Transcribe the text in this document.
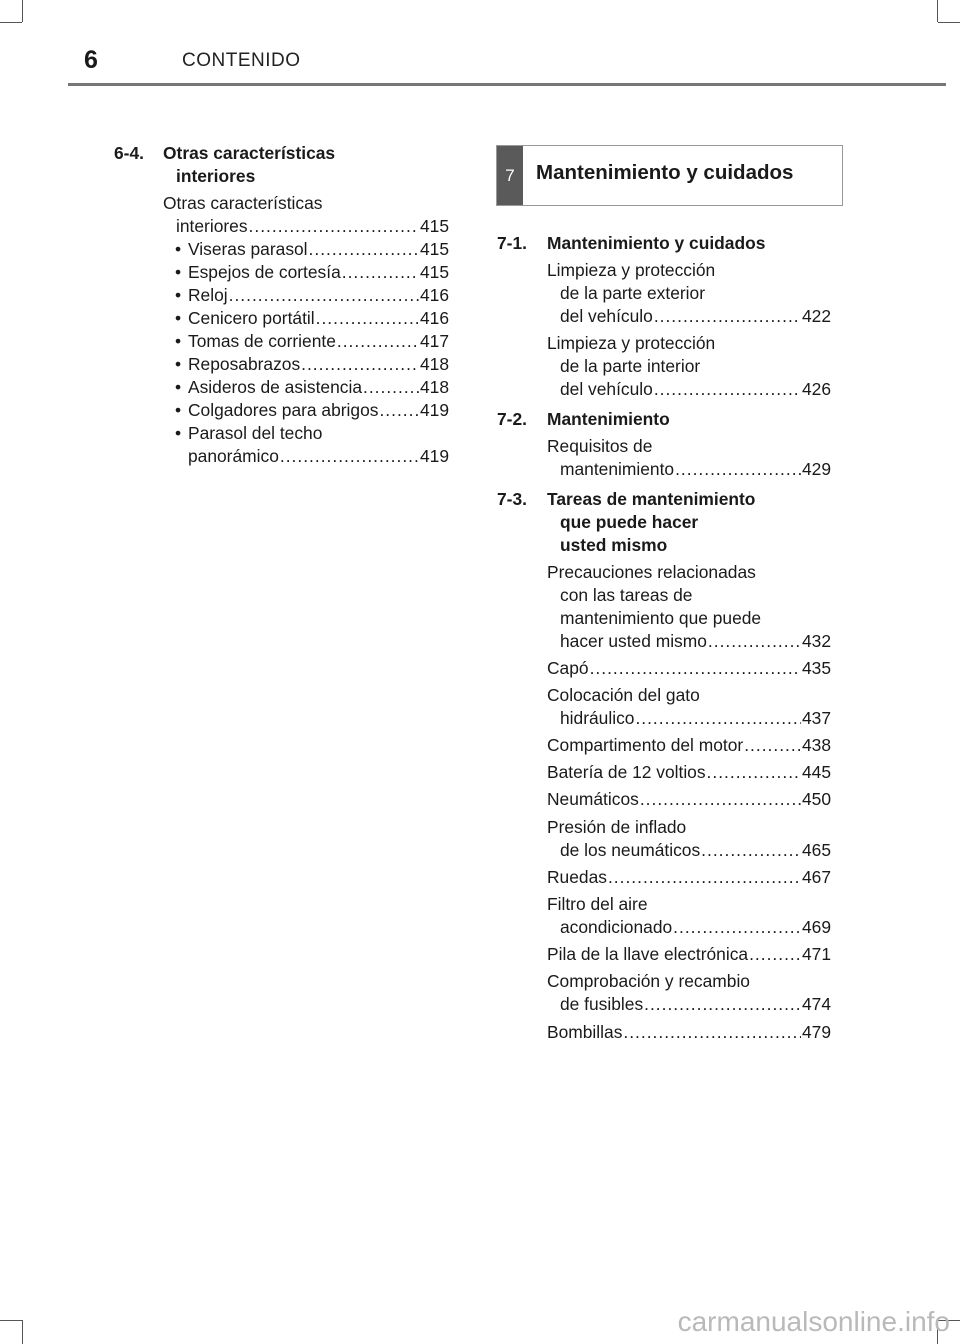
6	CONTENIDO
6-4. Otras características
interiores
Otras características
interiores .....	415
• Viseras parasol .....	415
• Espejos de cortesía .....	415
• Reloj .....	416
• Cenicero portátil .....	416
• Tomas de corriente .....	417
• Reposabrazos .....	418
• Asideros de asistencia .....	418
• Colgadores para abrigos ..... 419
• Parasol del techo
panorámico .....	419
7	Mantenimiento y cuidados
7-1. Mantenimiento y cuidados
Limpieza y protección
de la parte exterior
del vehículo .....	422
Limpieza y protección
de la parte interior
del vehículo .....	426
7-2. Mantenimiento
Requisitos de
mantenimiento .....	429
7-3. Tareas de mantenimiento
que puede hacer
usted mismo
Precauciones relacionadas
con las tareas de
mantenimiento que puede
hacer usted mismo .....	432
Capó .....	435
Colocación del gato
hidráulico .....	437
Compartimento del motor .....	438
Batería de 12 voltios .....	445
Neumáticos .....	450
Presión de inflado
de los neumáticos .....	465
Ruedas .....	467
Filtro del aire
acondicionado .....	469
Pila de la llave electrónica .....	471
Comprobación y recambio
de fusibles .....	474
Bombillas .....	479
carmanualsonline.info
